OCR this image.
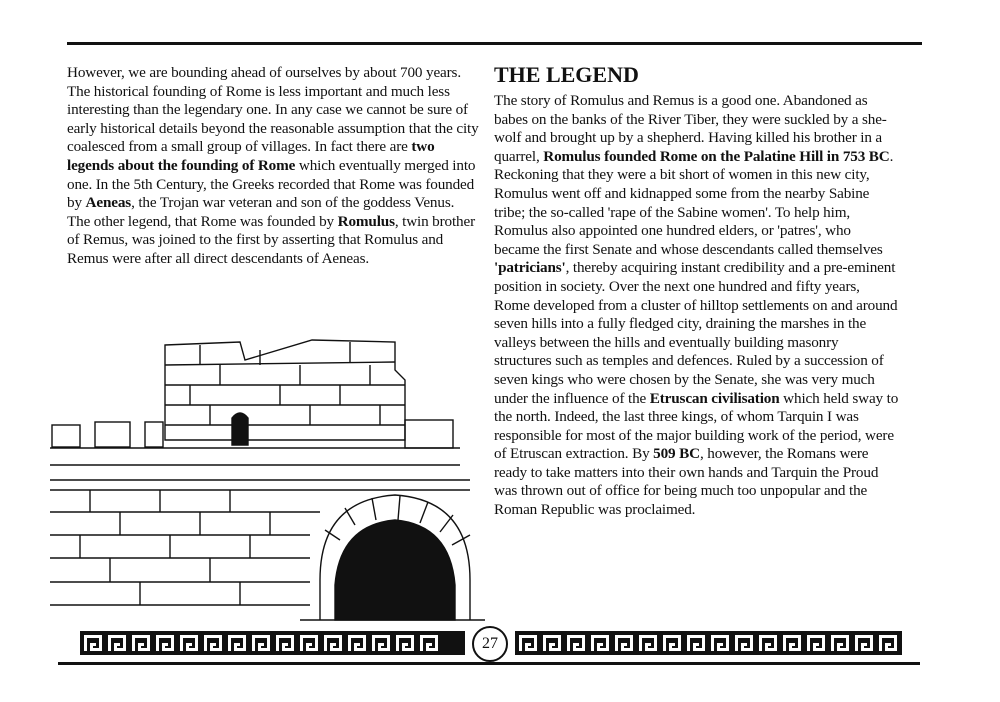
However, we are bounding ahead of ourselves by about 700 years. The historical founding of Rome is less important and much less interesting than the legendary one. In any case we cannot be sure of early historical details beyond the reasonable assumption that the city coalesced from a small group of villages. In fact there are two legends about the founding of Rome which eventually merged into one. In the 5th Century, the Greeks recorded that Rome was founded by Aeneas, the Trojan war veteran and son of the goddess Venus. The other legend, that Rome was founded by Romulus, twin brother of Remus, was joined to the first by asserting that Romulus and Remus were after all direct descendants of Aeneas.

THE LEGEND

The story of Romulus and Remus is a good one. Abandoned as babes on the banks of the River Tiber, they were suckled by a she-wolf and brought up by a shepherd. Having killed his brother in a quarrel, Romulus founded Rome on the Palatine Hill in 753 BC. Reckoning that they were a bit short of women in this new city, Romulus went off and kidnapped some from the nearby Sabine tribe; the so-called 'rape of the Sabine women'. To help him, Romulus also appointed one hundred elders, or 'patres', who became the first Senate and whose descendants called themselves 'patricians', thereby acquiring instant credibility and a pre-eminent position in society. Over the next one hundred and fifty years, Rome developed from a cluster of hilltop settlements on and around seven hills into a fully fledged city, draining the marshes in the valleys between the hills and eventually building masonry structures such as temples and defences. Ruled by a succession of seven kings who were chosen by the Senate, she was very much under the influence of the Etruscan civilisation which held sway to the north. Indeed, the last three kings, of whom Tarquin I was responsible for most of the major building work of the period, were of Etruscan extraction. By 509 BC, however, the Romans were ready to take matters into their own hands and Tarquin the Proud was thrown out of office for being much too unpopular and the Roman Republic was proclaimed.

27
